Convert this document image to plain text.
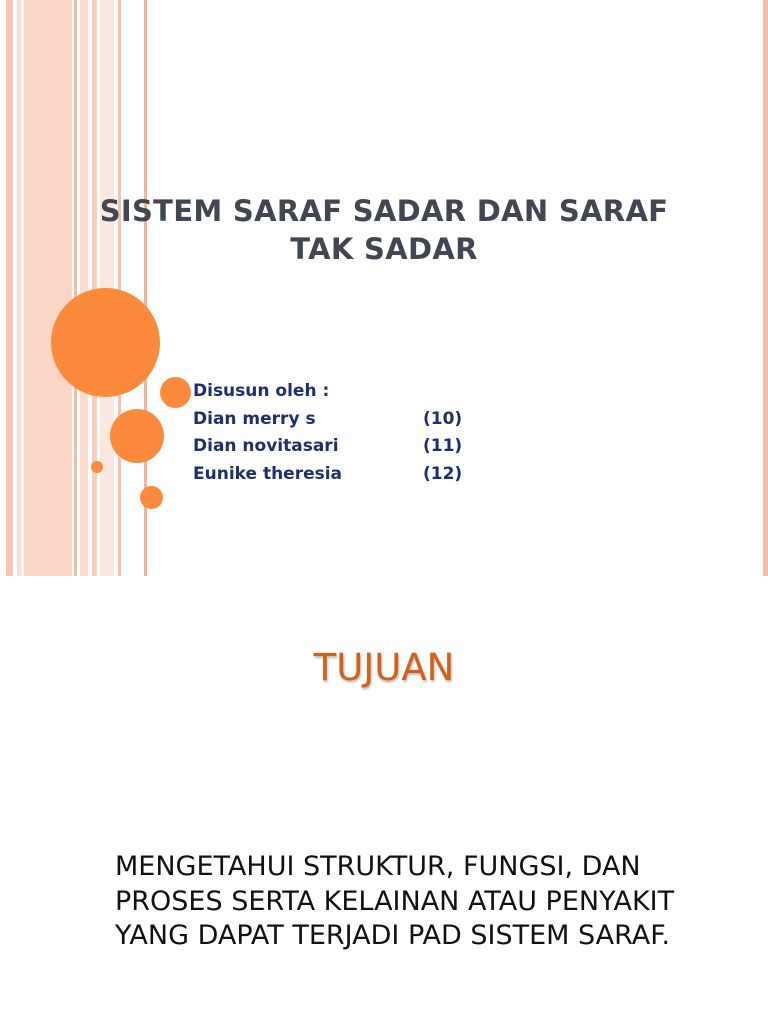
SISTEM SARAF SADAR DAN SARAF
TAK SADAR
Disusun oleh :
Dian merry s	(10)
Dian novitasari	(11)
Eunike theresia	(12)
TUJUAN
MENGETAHUI STRUKTUR, FUNGSI, DAN
PROSES SERTA KELAINAN ATAU PENYAKIT
YANG DAPAT TERJADI PAD SISTEM SARAF.
